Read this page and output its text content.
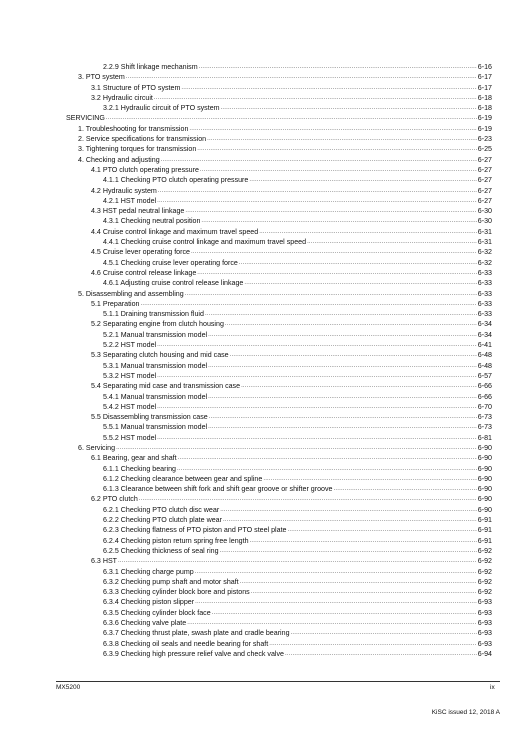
2.2.9 Shift linkage mechanism .....	6-16
3. PTO system .....	6-17
3.1 Structure of PTO system .....	6-17
3.2 Hydraulic circuit .....	6-18
3.2.1 Hydraulic circuit of PTO system .....	6-18
SERVICING .....	6-19
1. Troubleshooting for transmission .....	6-19
2. Service specifications for transmission .....	6-23
3. Tightening torques for transmission .....	6-25
4. Checking and adjusting .....	6-27
4.1 PTO clutch operating pressure .....	6-27
4.1.1 Checking PTO clutch operating pressure .....	6-27
4.2 Hydraulic system .....	6-27
4.2.1 HST model .....	6-27
4.3 HST pedal neutral linkage .....	6-30
4.3.1 Checking neutral position .....	6-30
4.4 Cruise control linkage and maximum travel speed .....	6-31
4.4.1 Checking cruise control linkage and maximum travel speed .....	6-31
4.5 Cruise lever operating force .....	6-32
4.5.1 Checking cruise lever operating force .....	6-32
4.6 Cruise control release linkage .....	6-33
4.6.1 Adjusting cruise control release linkage .....	6-33
5. Disassembling and assembling .....	6-33
5.1 Preparation .....	6-33
5.1.1 Draining transmission fluid .....	6-33
5.2 Separating engine from clutch housing .....	6-34
5.2.1 Manual transmission model .....	6-34
5.2.2 HST model .....	6-41
5.3 Separating clutch housing and mid case .....	6-48
5.3.1 Manual transmission model .....	6-48
5.3.2 HST model .....	6-57
5.4 Separating mid case and transmission case .....	6-66
5.4.1 Manual transmission model .....	6-66
5.4.2 HST model .....	6-70
5.5 Disassembling transmission case .....	6-73
5.5.1 Manual transmission model .....	6-73
5.5.2 HST model .....	6-81
6. Servicing .....	6-90
6.1 Bearing, gear and shaft .....	6-90
6.1.1 Checking bearing .....	6-90
6.1.2 Checking clearance between gear and spline .....	6-90
6.1.3 Clearance between shift fork and shift gear groove or shifter groove .....	6-90
6.2 PTO clutch .....	6-90
6.2.1 Checking PTO clutch disc wear .....	6-90
6.2.2 Checking PTO clutch plate wear .....	6-91
6.2.3 Checking flatness of PTO piston and PTO steel plate .....	6-91
6.2.4 Checking piston return spring free length .....	6-91
6.2.5 Checking thickness of seal ring .....	6-92
6.3 HST .....	6-92
6.3.1 Checking charge pump .....	6-92
6.3.2 Checking pump shaft and motor shaft .....	6-92
6.3.3 Checking cylinder block bore and pistons .....	6-92
6.3.4 Checking piston slipper .....	6-93
6.3.5 Checking cylinder block face .....	6-93
6.3.6 Checking valve plate .....	6-93
6.3.7 Checking thrust plate, swash plate and cradle bearing .....	6-93
6.3.8 Checking oil seals and needle bearing for shaft .....	6-93
6.3.9 Checking high pressure relief valve and check valve .....	6-94
MX5200	ix
KiSC issued 12, 2018 A
